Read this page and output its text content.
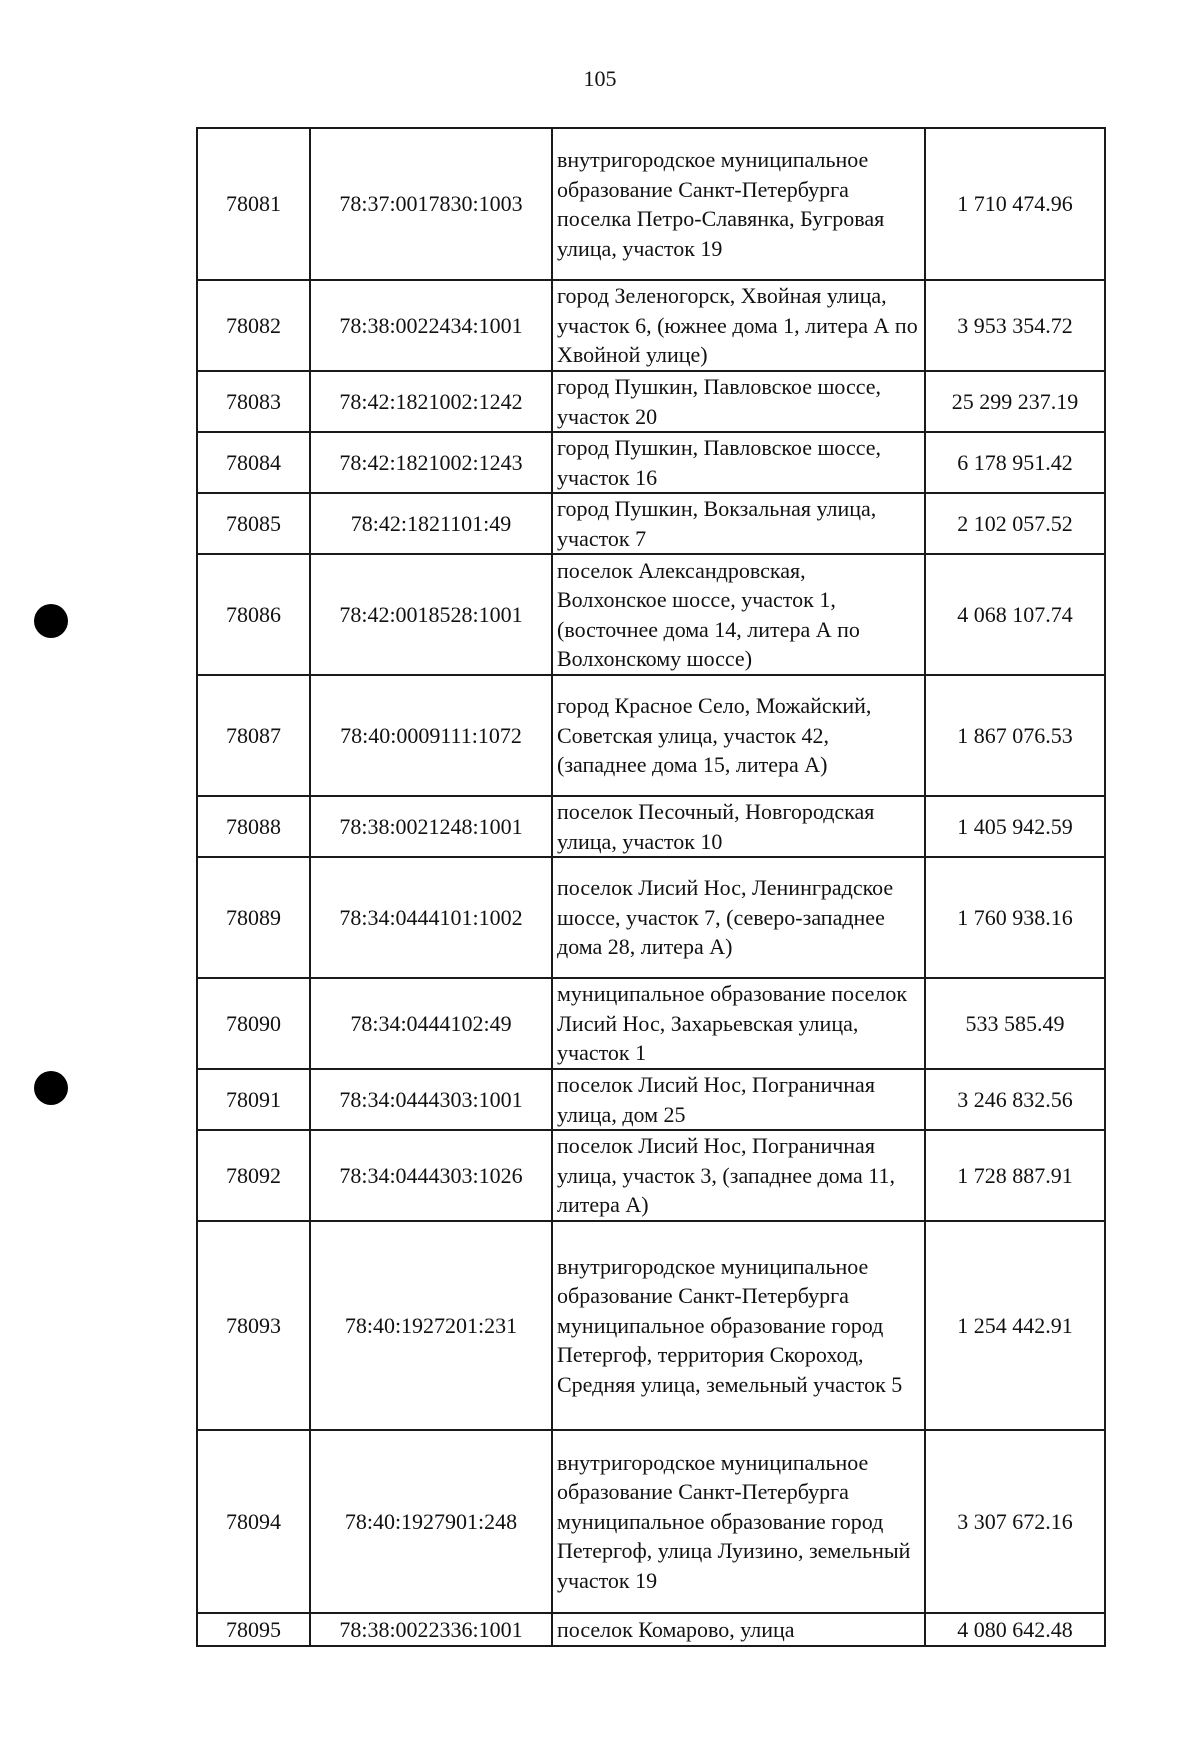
105
78081	78:37:0017830:1003	внутригородское муниципальное образование Санкт-Петербурга поселка Петро-Славянка, Бугровая улица, участок 19	1 710 474.96
78082	78:38:0022434:1001	город Зеленогорск, Хвойная улица, участок 6, (южнее дома 1, литера А по Хвойной улице)	3 953 354.72
78083	78:42:1821002:1242	город Пушкин, Павловское шоссе, участок 20	25 299 237.19
78084	78:42:1821002:1243	город Пушкин, Павловское шоссе, участок 16	6 178 951.42
78085	78:42:1821101:49	город Пушкин, Вокзальная улица, участок 7	2 102 057.52
78086	78:42:0018528:1001	поселок Александровская, Волхонское шоссе, участок 1, (восточнее дома 14, литера А по Волхонскому шоссе)	4 068 107.74
78087	78:40:0009111:1072	город Красное Село, Можайский, Советская улица, участок 42, (западнее дома 15, литера А)	1 867 076.53
78088	78:38:0021248:1001	поселок Песочный, Новгородская улица, участок 10	1 405 942.59
78089	78:34:0444101:1002	поселок Лисий Нос, Ленинградское шоссе, участок 7, (северо-западнее дома 28, литера А)	1 760 938.16
78090	78:34:0444102:49	муниципальное образование поселок Лисий Нос, Захарьевская улица, участок 1	533 585.49
78091	78:34:0444303:1001	поселок Лисий Нос, Пограничная улица, дом 25	3 246 832.56
78092	78:34:0444303:1026	поселок Лисий Нос, Пограничная улица, участок 3, (западнее дома 11, литера А)	1 728 887.91
78093	78:40:1927201:231	внутригородское муниципальное образование Санкт-Петербурга муниципальное образование город Петергоф, территория Скороход, Средняя улица, земельный участок 5	1 254 442.91
78094	78:40:1927901:248	внутригородское муниципальное образование Санкт-Петербурга муниципальное образование город Петергоф, улица Луизино, земельный участок 19	3 307 672.16
78095	78:38:0022336:1001	поселок Комарово, улица	4 080 642.48
